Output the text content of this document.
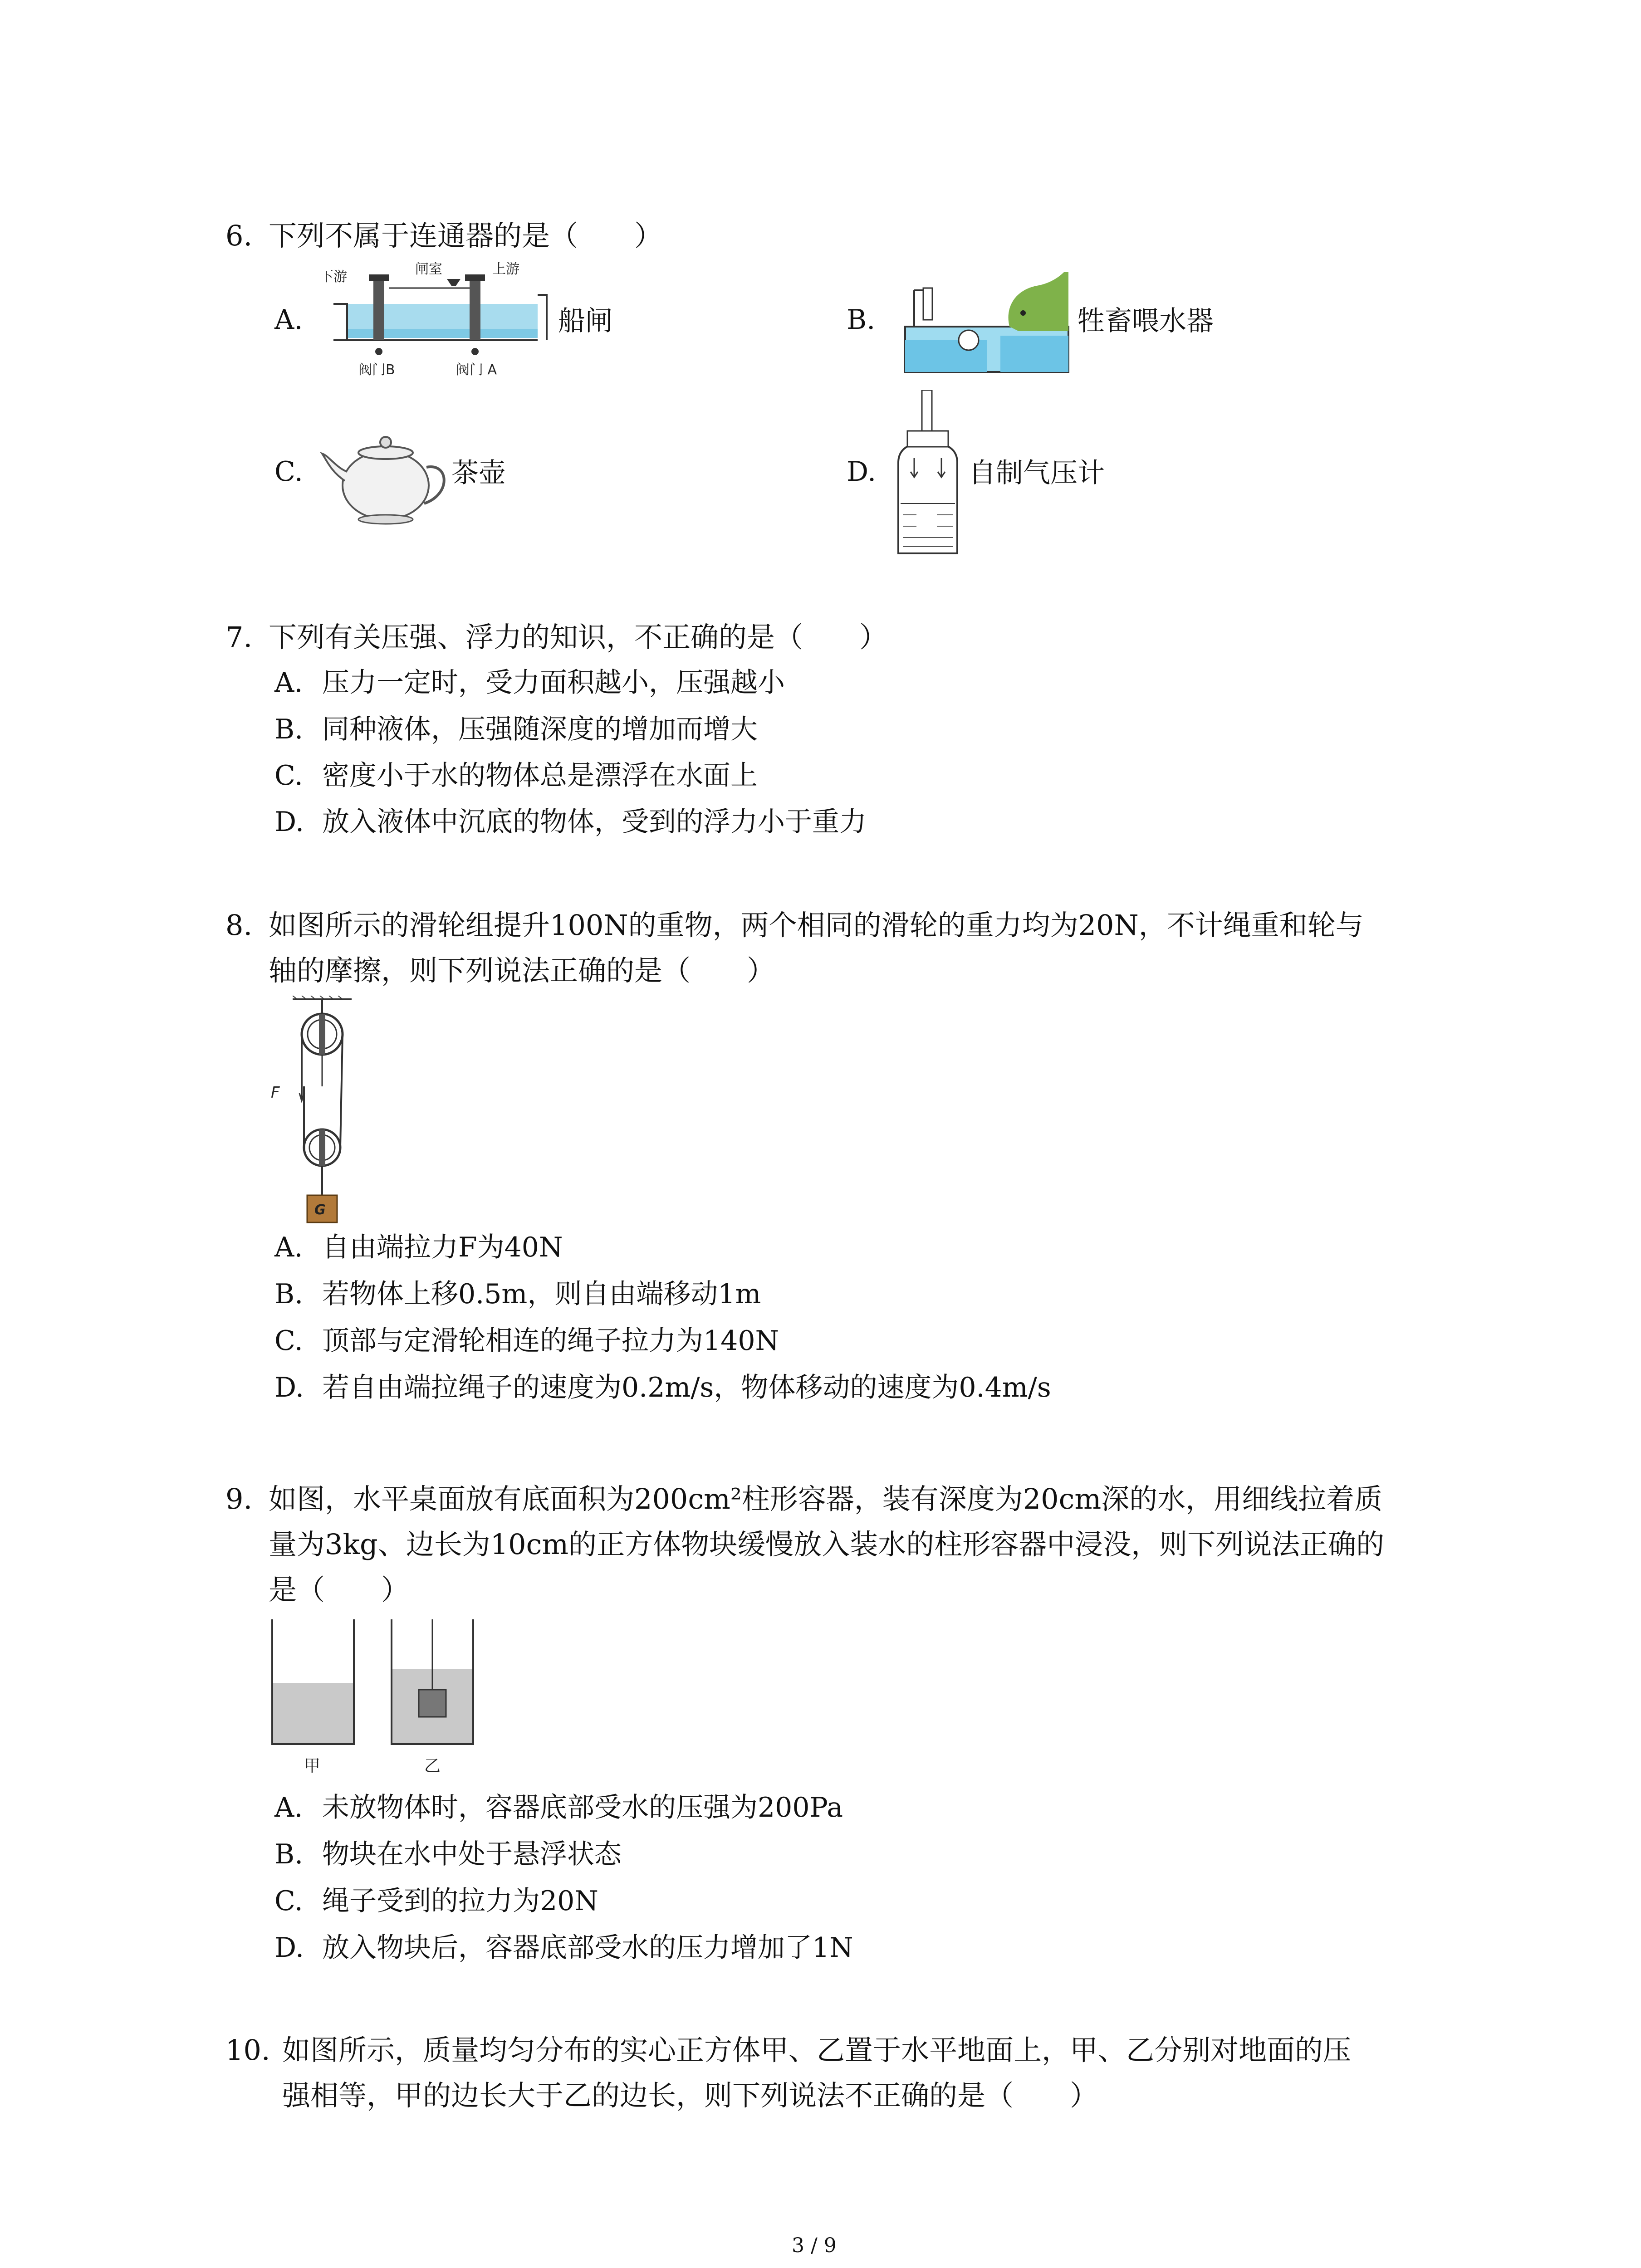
6. 下列不属于连通器的是（　　）
A.
下游	闸室	上游
阀门B	阀门 A
船闸	B.	牲畜喂水器
C.	茶壶	D.	自制气压计
7. 下列有关压强、浮力的知识，不正确的是（　　）
A. 压力一定时，受力面积越小，压强越小
B. 同种液体，压强随深度的增加而增大
C. 密度小于水的物体总是漂浮在水面上
D. 放入液体中沉底的物体，受到的浮力小于重力
8. 如图所示的滑轮组提升100N的重物，两个相同的滑轮的重力均为20N，不计绳重和轮与
轴的摩擦，则下列说法正确的是（　　）
F
G
A. 自由端拉力F为40N
B. 若物体上移0.5m，则自由端移动1m
C. 顶部与定滑轮相连的绳子拉力为140N
D. 若自由端拉绳子的速度为0.2m/s，物体移动的速度为0.4m/s
9. 如图，水平桌面放有底面积为200cm²柱形容器，装有深度为20cm深的水，用细线拉着质
量为3kg、边长为10cm的正方体物块缓慢放入装水的柱形容器中浸没，则下列说法正确的
是（　　）
甲	乙
A. 未放物体时，容器底部受水的压强为200Pa
B. 物块在水中处于悬浮状态
C. 绳子受到的拉力为20N
D. 放入物块后，容器底部受水的压力增加了1N
10. 如图所示，质量均匀分布的实心正方体甲、乙置于水平地面上，甲、乙分别对地面的压
强相等，甲的边长大于乙的边长，则下列说法不正确的是（　　）
3 / 9
